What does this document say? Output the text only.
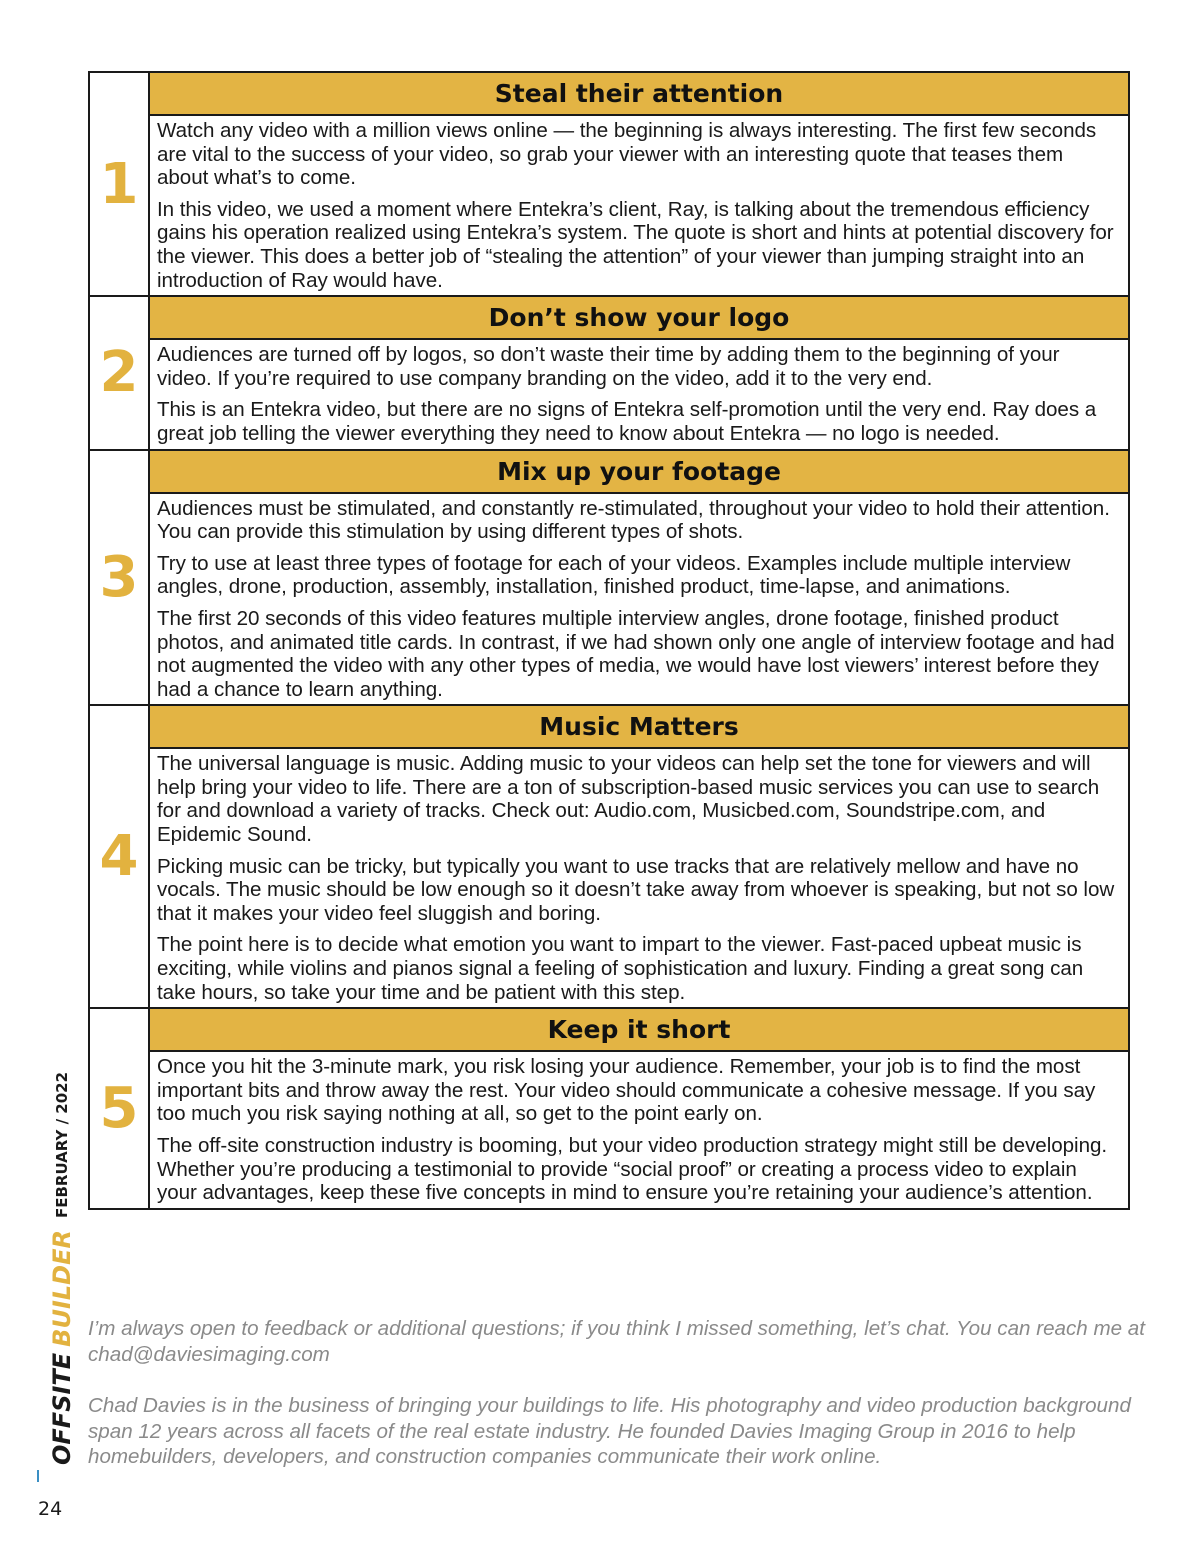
1
Steal their attention

Watch any video with a million views online — the beginning is always interesting. The first few seconds are vital to the success of your video, so grab your viewer with an interesting quote that teases them about what’s to come.

In this video, we used a moment where Entekra’s client, Ray, is talking about the tremendous efficiency gains his operation realized using Entekra’s system. The quote is short and hints at potential discovery for the viewer. This does a better job of “stealing the attention” of your viewer than jumping straight into an introduction of Ray would have.

2
Don’t show your logo

Audiences are turned off by logos, so don’t waste their time by adding them to the beginning of your video. If you’re required to use company branding on the video, add it to the very end.

This is an Entekra video, but there are no signs of Entekra self-promotion until the very end. Ray does a great job telling the viewer everything they need to know about Entekra — no logo is needed.

3
Mix up your footage

Audiences must be stimulated, and constantly re-stimulated, throughout your video to hold their attention. You can provide this stimulation by using different types of shots.

Try to use at least three types of footage for each of your videos. Examples include multiple interview angles, drone, production, assembly, installation, finished product, time-lapse, and animations.

The first 20 seconds of this video features multiple interview angles, drone footage, finished product photos, and animated title cards. In contrast, if we had shown only one angle of interview footage and had not augmented the video with any other types of media, we would have lost viewers’ interest before they had a chance to learn anything.

4
Music Matters

The universal language is music. Adding music to your videos can help set the tone for viewers and will help bring your video to life. There are a ton of subscription-based music services you can use to search for and download a variety of tracks. Check out: Audio.com, Musicbed.com, Soundstripe.com, and Epidemic Sound.

Picking music can be tricky, but typically you want to use tracks that are relatively mellow and have no vocals. The music should be low enough so it doesn’t take away from whoever is speaking, but not so low that it makes your video feel sluggish and boring.

The point here is to decide what emotion you want to impart to the viewer. Fast-paced upbeat music is exciting, while violins and pianos signal a feeling of sophistication and luxury. Finding a great song can take hours, so take your time and be patient with this step.

5
Keep it short

Once you hit the 3-minute mark, you risk losing your audience. Remember, your job is to find the most important bits and throw away the rest. Your video should communicate a cohesive message. If you say too much you risk saying nothing at all, so get to the point early on.

The off-site construction industry is booming, but your video production strategy might still be developing. Whether you’re producing a testimonial to provide “social proof” or creating a process video to explain your advantages, keep these five concepts in mind to ensure you’re retaining your audience’s attention.

I’m always open to feedback or additional questions; if you think I missed something, let’s chat. You can reach me at chad@daviesimaging.com

Chad Davies is in the business of bringing your buildings to life. His photography and video production background span 12 years across all facets of the real estate industry. He founded Davies Imaging Group in 2016 to help homebuilders, developers, and construction companies communicate their work online.

OFFSITE
BUILDER
FEBRUARY / 2022
24
